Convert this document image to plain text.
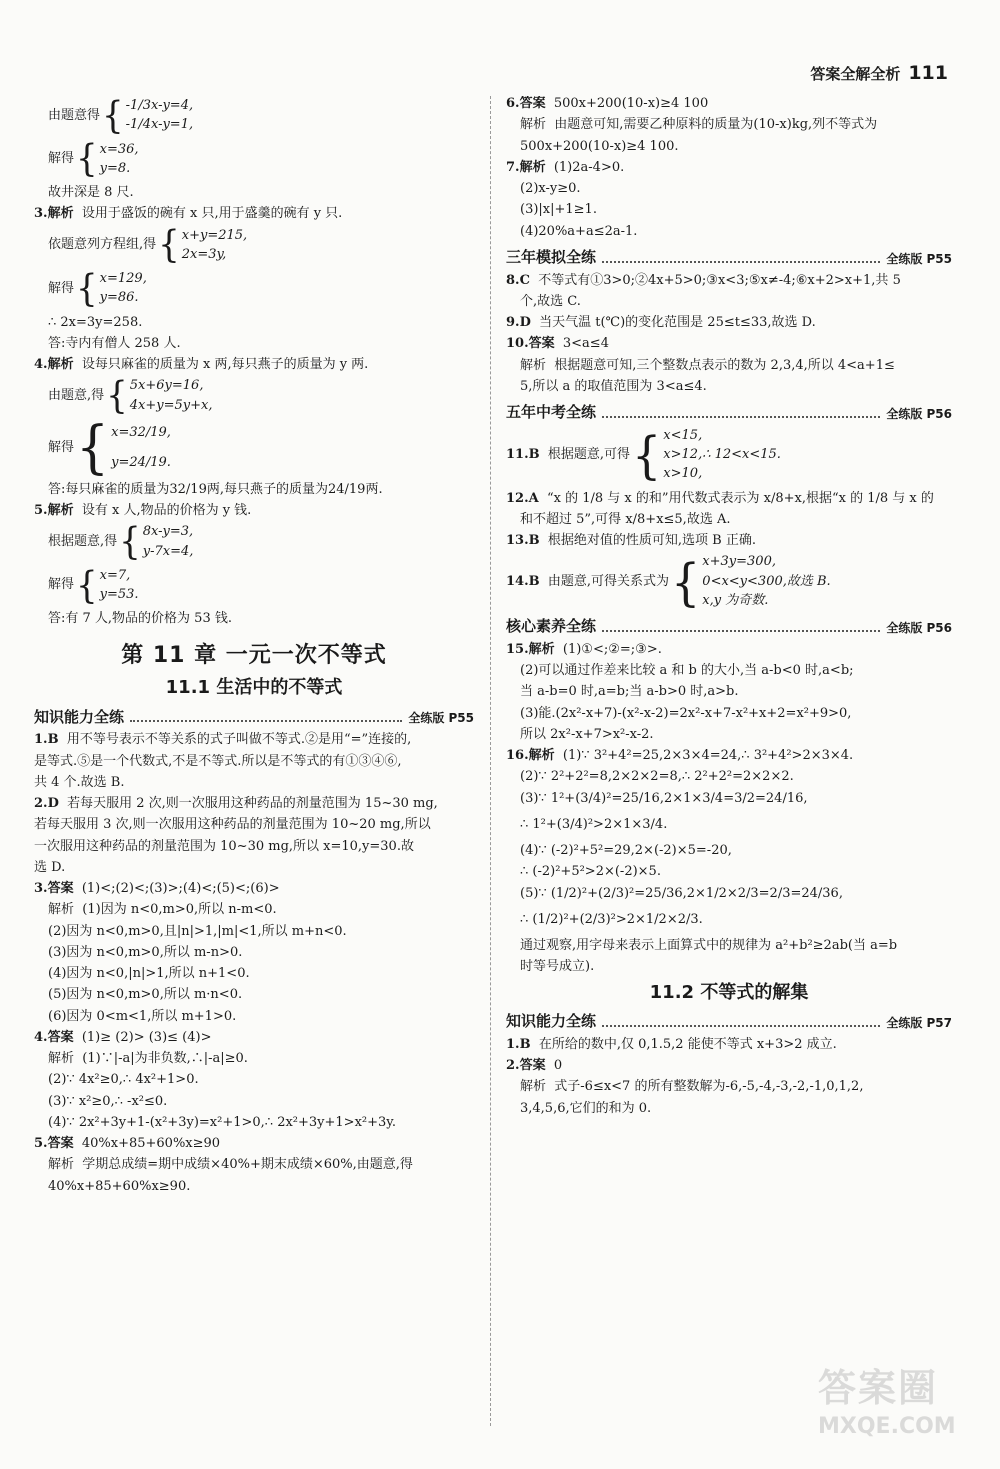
答案全解全析 111
由题意得 { -1/3x-y=4,
-1/4x-y=1,
解得 { x=36,
y=8.
故井深是 8 尺.
3.解析 设用于盛饭的碗有 x 只,用于盛羹的碗有 y 只.
依题意列方程组,得 { x+y=215,
2x=3y,
解得 { x=129,
y=86.
∴ 2x=3y=258.
答:寺内有僧人 258 人.
4.解析 设每只麻雀的质量为 x 两,每只燕子的质量为 y 两.
由题意,得 { 5x+6y=16,
4x+y=5y+x,
解得 { x=32/19,
y=24/19.
答:每只麻雀的质量为32/19两,每只燕子的质量为24/19两.
5.解析 设有 x 人,物品的价格为 y 钱.
根据题意,得 { 8x-y=3,
y-7x=4,
解得 { x=7,
y=53.
答:有 7 人,物品的价格为 53 钱.
第 11 章 一元一次不等式
11.1 生活中的不等式
知识能力全练	全练版 P55
1.B 用不等号表示不等关系的式子叫做不等式.②是用“=”连接的,
是等式.⑤是一个代数式,不是不等式.所以是不等式的有①③④⑥,
共 4 个.故选 B.
2.D 若每天服用 2 次,则一次服用这种药品的剂量范围为 15~30 mg,
若每天服用 3 次,则一次服用这种药品的剂量范围为 10~20 mg,所以
一次服用这种药品的剂量范围为 10~30 mg,所以 x=10,y=30.故
选 D.
3.答案 (1)<;(2)<;(3)>;(4)<;(5)<;(6)>
解析 (1)因为 n<0,m>0,所以 n-m<0.
(2)因为 n<0,m>0,且|n|>1,|m|<1,所以 m+n<0.
(3)因为 n<0,m>0,所以 m-n>0.
(4)因为 n<0,|n|>1,所以 n+1<0.
(5)因为 n<0,m>0,所以 m·n<0.
(6)因为 0<m<1,所以 m+1>0.
4.答案 (1)≥ (2)> (3)≤ (4)>
解析 (1)∵|-a|为非负数,∴|-a|≥0.
(2)∵ 4x²≥0,∴ 4x²+1>0.
(3)∵ x²≥0,∴ -x²≤0.
(4)∵ 2x²+3y+1-(x²+3y)=x²+1>0,∴ 2x²+3y+1>x²+3y.
5.答案 40%x+85+60%x≥90
解析 学期总成绩=期中成绩×40%+期末成绩×60%,由题意,得
40%x+85+60%x≥90.
6.答案 500x+200(10-x)≥4 100
解析 由题意可知,需要乙种原料的质量为(10-x)kg,列不等式为
500x+200(10-x)≥4 100.
7.解析 (1)2a-4>0.
(2)x-y≥0.
(3)|x|+1≥1.
(4)20%a+a≤2a-1.
三年模拟全练	全练版 P55
8.C 不等式有①3>0;②4x+5>0;③x<3;⑤x≠-4;⑥x+2>x+1,共 5
个,故选 C.
9.D 当天气温 t(℃)的变化范围是 25≤t≤33,故选 D.
10.答案 3<a≤4
解析 根据题意可知,三个整数点表示的数为 2,3,4,所以 4<a+1≤
5,所以 a 的取值范围为 3<a≤4.
五年中考全练	全练版 P56
11.B
根据题意,可得 { x<15,
x>12,∴ 12<x<15.
x>10,
12.A “x 的 1/8 与 x 的和”用代数式表示为 x/8+x,根据“x 的 1/8 与 x 的
和不超过 5”,可得 x/8+x≤5,故选 A.
13.B 根据绝对值的性质可知,选项 B 正确.
14.B
由题意,可得关系式为 { x+3y=300,
0<x<y<300,故选 B.
x,y 为奇数.
核心素养全练	全练版 P56
15.解析 (1)①<;②=;③>.
(2)可以通过作差来比较 a 和 b 的大小,当 a-b<0 时,a<b;
当 a-b=0 时,a=b;当 a-b>0 时,a>b.
(3)能.(2x²-x+7)-(x²-x-2)=2x²-x+7-x²+x+2=x²+9>0,
所以 2x²-x+7>x²-x-2.
16.解析 (1)∵ 3²+4²=25,2×3×4=24,∴ 3²+4²>2×3×4.
(2)∵ 2²+2²=8,2×2×2=8,∴ 2²+2²=2×2×2.
(3)∵ 1²+(3/4)²=25/16,2×1×3/4=3/2=24/16,
∴ 1²+(3/4)²>2×1×3/4.
(4)∵ (-2)²+5²=29,2×(-2)×5=-20,
∴ (-2)²+5²>2×(-2)×5.
(5)∵ (1/2)²+(2/3)²=25/36,2×1/2×2/3=2/3=24/36,
∴ (1/2)²+(2/3)²>2×1/2×2/3.
通过观察,用字母来表示上面算式中的规律为 a²+b²≥2ab(当 a=b
时等号成立).
11.2 不等式的解集
知识能力全练	全练版 P57
1.B 在所给的数中,仅 0,1.5,2 能使不等式 x+3>2 成立.
2.答案 0
解析 式子-6≤x<7 的所有整数解为-6,-5,-4,-3,-2,-1,0,1,2,
3,4,5,6,它们的和为 0.
答案圈
MXQE.COM
